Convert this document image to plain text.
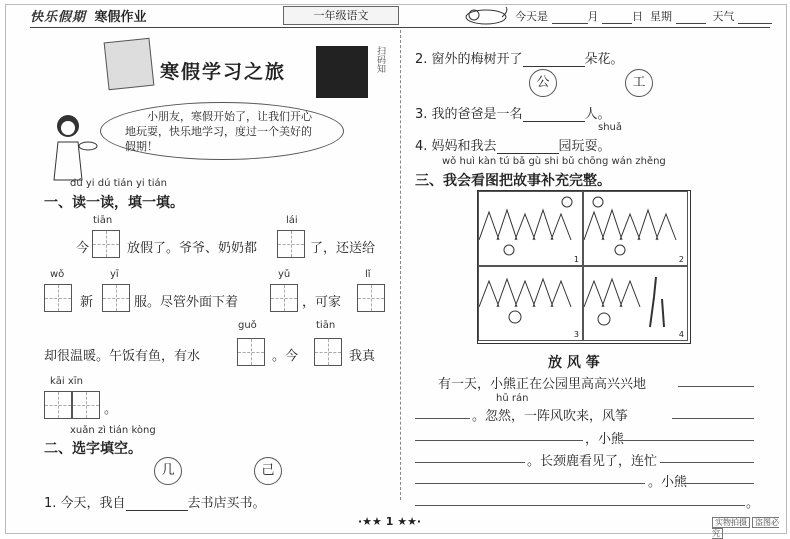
快乐假期 寒假作业	一年级语文	今天是	月	日 星期	天气
寒假学习之旅	扫码知
小朋友，寒假开始了，让我们开心地玩耍，快乐地学习，度过一个美好的假期！
dú yi dú tián yi tián
一、读一读，填一填。
tiān
今	放假了。爷爷、奶奶都
lái
了，还送给
wǒ
新
yī
服。尽管外面下着
yǔ
，可家
lǐ
guǒ
却很温暖。午饭有鱼，有水	。今
tiān
我真
kāi xīn
。
xuǎn zì tián kòng
二、选字填空。
几	己
1. 今天，我自	去书店买书。
2. 窗外的梅树开了	朵花。
公	工
3. 我的爸爸是一名	人。
shuǎ
4. 妈妈和我去	园玩耍。
wǒ huì kàn tú bǎ gù shi bǔ chōng wán zhěng
三、我会看图把故事补充完整。
1	2
3	4
放 风 筝
有一天，小熊正在公园里高高兴兴地
hū rán
。忽然，一阵风吹来，风筝
，小熊
。长颈鹿看见了，连忙
。小熊
。
·★★ 1 ★★·	实物拍摄 盗图必究
